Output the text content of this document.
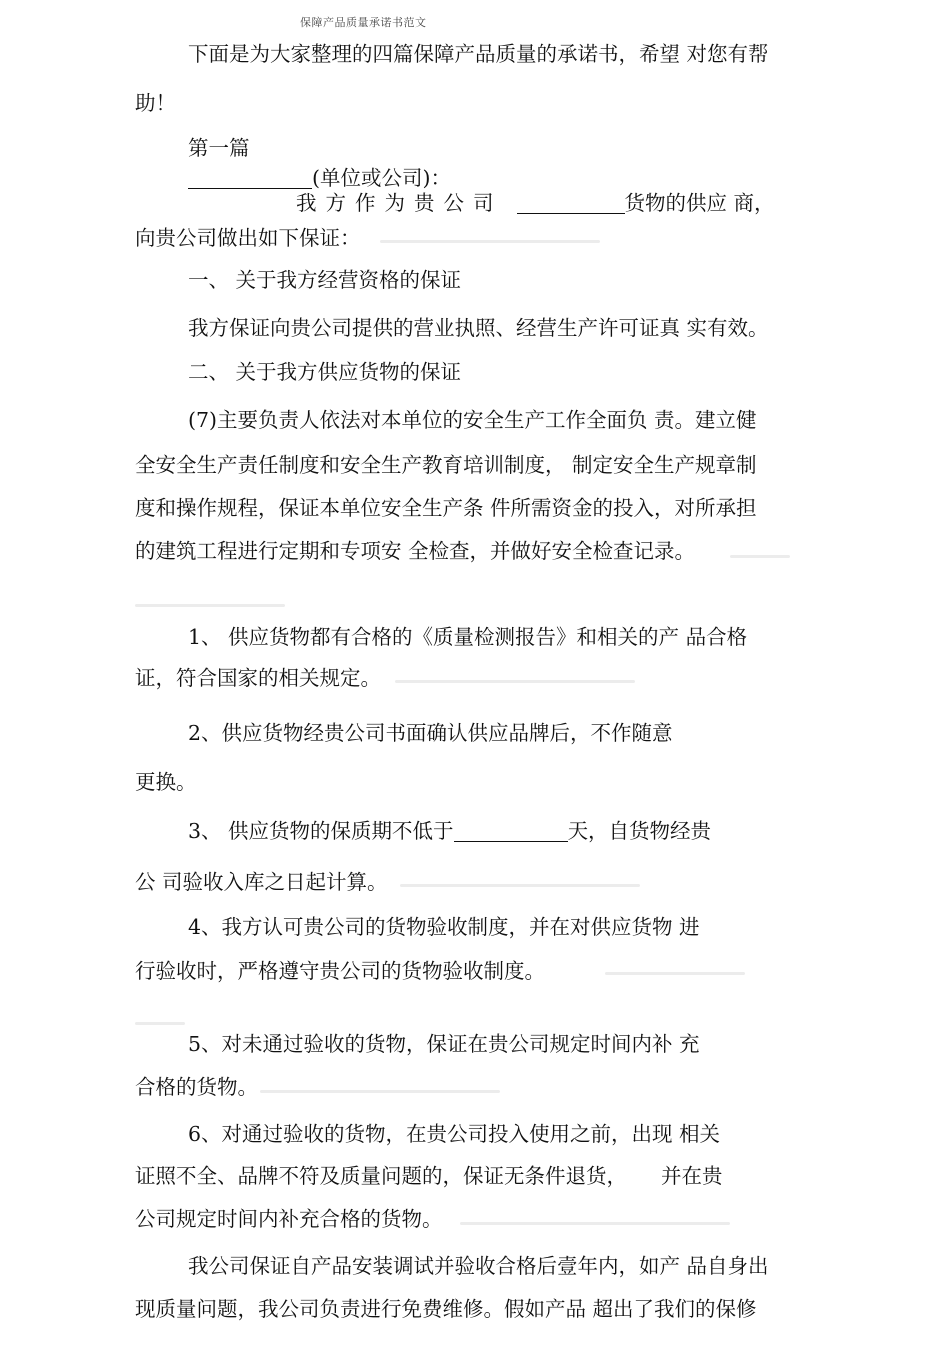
保障产品质量承诺书范文
下面是为大家整理的四篇保障产品质量的承诺书，希望 对您有帮
助！
第一篇
(单位或公司)：
我方作为贵公司	货物的供应 商，
向贵公司做出如下保证：
一、 关于我方经营资格的保证
我方保证向贵公司提供的营业执照、经营生产许可证真 实有效。
二、 关于我方供应货物的保证
(7)主要负责人依法对本单位的安全生产工作全面负 责。建立健
全安全生产责任制度和安全生产教育培训制度， 制定安全生产规章制
度和操作规程，保证本单位安全生产条 件所需资金的投入，对所承担
的建筑工程进行定期和专项安 全检查，并做好安全检查记录。
1、 供应货物都有合格的《质量检测报告》和相关的产 品合格
证，符合国家的相关规定。
2、供应货物经贵公司书面确认供应品牌后，不作随意
更换。
3、 供应货物的保质期不低于	天，自货物经贵
公 司验收入库之日起计算。
4、我方认可贵公司的货物验收制度，并在对供应货物 进
行验收时，严格遵守贵公司的货物验收制度。
5、对未通过验收的货物，保证在贵公司规定时间内补 充
合格的货物。
6、对通过验收的货物，在贵公司投入使用之前，出现 相关
证照不全、品牌不符及质量问题的，保证无条件退货， 并在贵
公司规定时间内补充合格的货物。
我公司保证自产品安装调试并验收合格后壹年内，如产 品自身出
现质量问题，我公司负责进行免费维修。假如产品 超出了我们的保修
